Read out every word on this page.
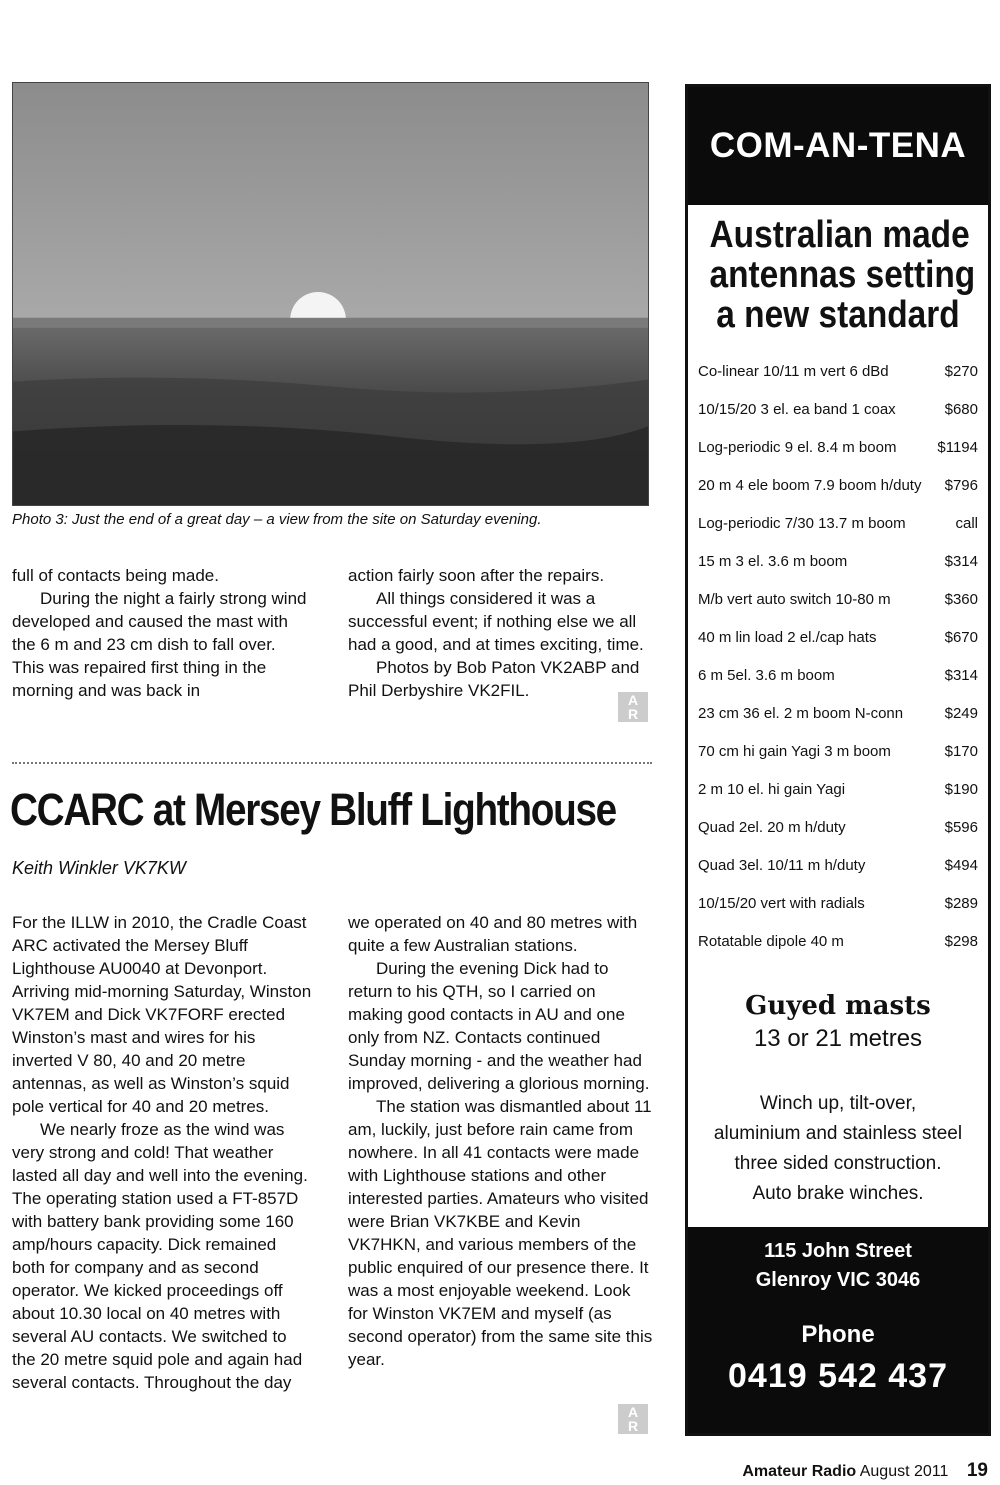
Photo 3: Just the end of a great day – a view from the site on Saturday evening.

full of contacts being made.

During the night a fairly strong wind developed and caused the mast with the 6 m and 23 cm dish to fall over. This was repaired first thing in the morning and was back in

action fairly soon after the repairs.

All things considered it was a successful event; if nothing else we all had a good, and at times exciting, time.

Photos by Bob Paton VK2ABP and Phil Derbyshire VK2FIL.	A
R
CCARC at Mersey Bluff Lighthouse
Keith Winkler VK7KW

For the ILLW in 2010, the Cradle Coast ARC activated the Mersey Bluff Lighthouse AU0040 at Devonport. Arriving mid-morning Saturday, Winston VK7EM and Dick VK7FORF erected Winston’s mast and wires for his inverted V 80, 40 and 20 metre antennas, as well as Winston’s squid pole vertical for 40 and 20 metres.

We nearly froze as the wind was very strong and cold! That weather lasted all day and well into the evening. The operating station used a FT-857D with battery bank providing some 160 amp/hours capacity. Dick remained both for company and as second operator. We kicked proceedings off about 10.30 local on 40 metres with several AU contacts. We switched to the 20 metre squid pole and again had several contacts. Throughout the day

we operated on 40 and 80 metres with quite a few Australian stations.

During the evening Dick had to return to his QTH, so I carried on making good contacts in AU and one only from NZ. Contacts continued Sunday morning - and the weather had improved, delivering a glorious morning.

The station was dismantled about 11 am, luckily, just before rain came from nowhere. In all 41 contacts were made with Lighthouse stations and other interested parties. Amateurs who visited were Brian VK7KBE and Kevin VK7HKN, and various members of the public enquired of our presence there. It was a most enjoyable weekend. Look for Winston VK7EM and myself (as second operator) from the same site this year.

A
R
COM-AN-TENA
Australian made
antennas setting
a new standard
Co-linear 10/11 m vert 6 dBd	$270
10/15/20 3 el. ea band 1 coax	$680
Log-periodic 9 el. 8.4 m boom	$1194
20 m 4 ele boom 7.9 boom h/duty $796
Log-periodic 7/30 13.7 m boom	call
15 m 3 el. 3.6 m boom	$314
M/b vert auto switch 10-80 m	$360
40 m lin load 2 el./cap hats	$670
6 m 5el. 3.6 m boom	$314
23 cm 36 el. 2 m boom N-conn	$249
70 cm hi gain Yagi 3 m boom	$170
2 m 10 el. hi gain Yagi	$190
Quad 2el. 20 m h/duty	$596
Quad 3el. 10/11 m h/duty	$494
10/15/20 vert with radials	$289
Rotatable dipole 40 m	$298
Guyed masts
13 or 21 metres
Winch up, tilt-over,
aluminium and stainless steel
three sided construction.
Auto brake winches.
115 John Street
Glenroy VIC 3046
Phone
0419 542 437
Amateur Radio August 2011 19
